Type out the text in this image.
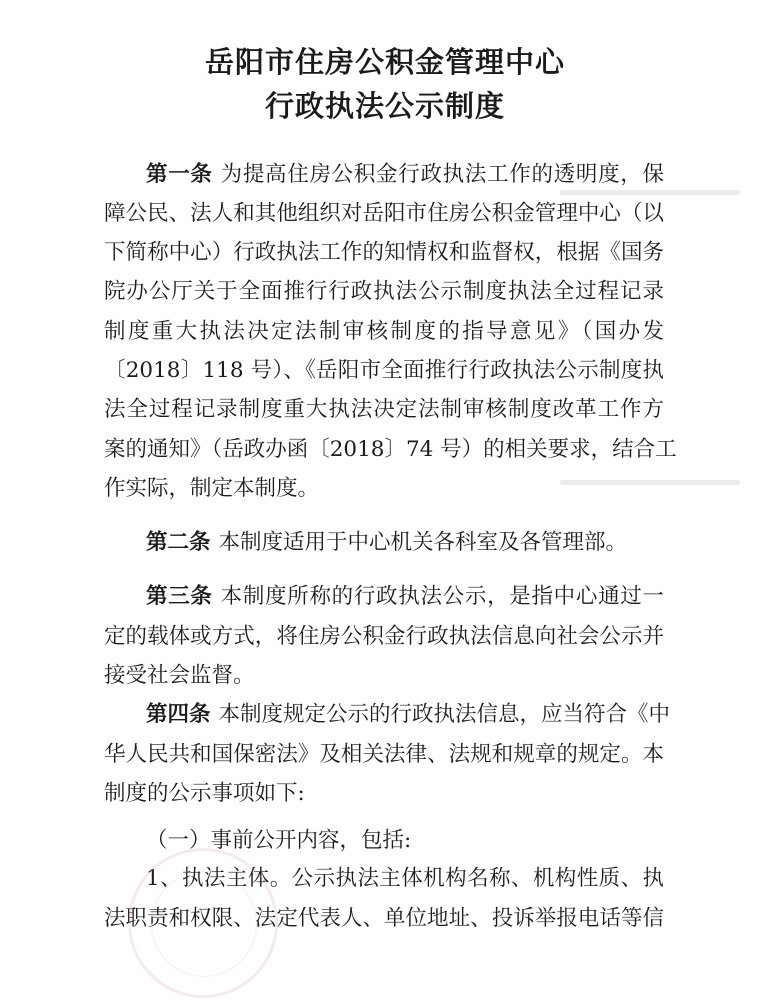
岳阳市住房公积金管理中心
行政执法公示制度
第一条 为提高住房公积金行政执法工作的透明度，保
障公民、法人和其他组织对岳阳市住房公积金管理中心（以
下简称中心）行政执法工作的知情权和监督权，根据《国务
院办公厅关于全面推行行政执法公示制度执法全过程记录
制度重大执法决定法制审核制度的指导意见》（国办发
〔2018〕118 号）、《岳阳市全面推行行政执法公示制度执
法全过程记录制度重大执法决定法制审核制度改革工作方
案的通知》（岳政办函〔2018〕74 号）的相关要求，结合工
作实际，制定本制度。
第二条 本制度适用于中心机关各科室及各管理部。
第三条 本制度所称的行政执法公示，是指中心通过一
定的载体或方式，将住房公积金行政执法信息向社会公示并
接受社会监督。
第四条 本制度规定公示的行政执法信息，应当符合《中
华人民共和国保密法》及相关法律、法规和规章的规定。本
制度的公示事项如下:
（一）事前公开内容，包括:
1、执法主体。公示执法主体机构名称、机构性质、执
法职责和权限、法定代表人、单位地址、投诉举报电话等信
